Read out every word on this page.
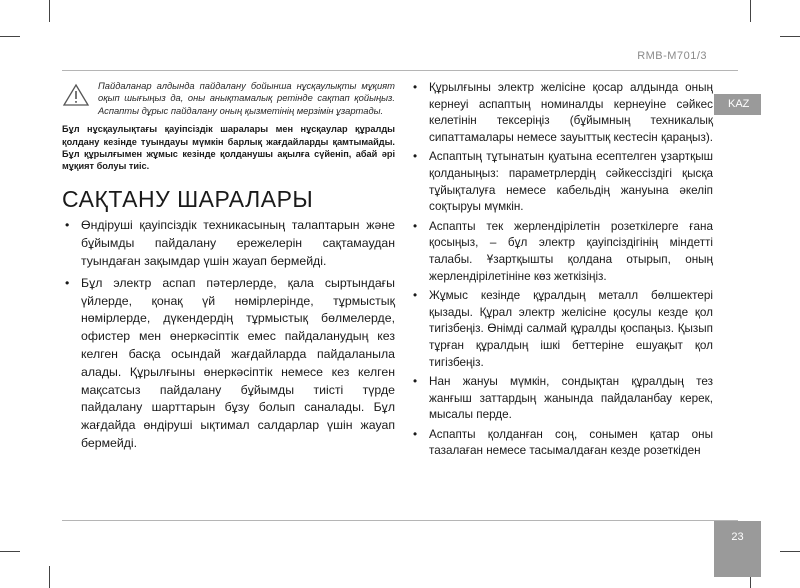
RMB-M701/3
KAZ
Пайдаланар алдында пайдалану бойынша нұсқаулықты мұқият оқып шығыңыз да, оны анықтамалық ретінде сақтап қойыңыз. Аспапты дұрыс пайдалану оның қызметінің мерзімін ұзартады.
Бұл нұсқаулықтағы қауіпсіздік шаралары мен нұсқаулар құралды қолдану кезінде туындауы мүмкін барлық жағдайларды қамтымайды. Бұл құрылғымен жұмыс кезінде қолданушы ақылға сүйеніп, абай әрі мұқият болуы тиіс.
САҚТАНУ ШАРАЛАРЫ
• Өндіруші қауіпсіздік техникасының талаптарын және бұйымды пайдалану ережелерін сақтамаудан туындаған зақымдар үшін жауап бермейді.
• Бұл электр аспап пәтерлерде, қала сыртындағы үйлерде, қонақ үй нөмірлерінде, тұрмыстық нөмірлерде, дүкендердің тұрмыстық бөлмелерде, офистер мен өнеркәсіптік емес пайдаланудың кез келген басқа осындай жағдайларда пайдаланыла алады. Құрылғыны өнеркәсіптік немесе кез келген мақсатсыз пайдалану бұйымды тиісті түрде пайдалану шарттарын бұзу болып саналады. Бұл жағдайда өндіруші ықтимал салдарлар үшін жауап бермейді.
• Құрылғыны электр желісіне қосар алдында оның кернеуі аспаптың номиналды кернеуіне сәйкес келетінін тексеріңіз (бұйымның техникалық сипаттамалары немесе зауыттық кестесін қараңыз).
• Аспаптың тұтынатын қуатына есептелген ұзартқыш қолданыңыз: параметрлердің сәйкессіздігі қысқа тұйықталуға немесе кабельдің жануына әкеліп соқтыруы мүмкін.
• Аспапты тек жерлендірілетін розеткілерге ғана қосыңыз, – бұл электр қауіпсіздігінің міндетті талабы. Ұзартқышты қолдана отырып, оның жерлендірілетініне көз жеткізіңіз.
• Жұмыс кезінде құралдың металл бөлшектері қызады. Құрал электр желісіне қосулы кезде қол тигізбеңіз. Өнімді салмай құралды қоспаңыз. Қызып тұрған құралдың ішкі беттеріне ешуақыт қол тигізбеңіз.
• Нан жануы мүмкін, сондықтан құралдың тез жанғыш заттардың жанында пайдаланбау керек, мысалы перде.
• Аспапты қолданған соң, сонымен қатар оны тазалаған немесе тасымалдаған кезде розеткіден
23
